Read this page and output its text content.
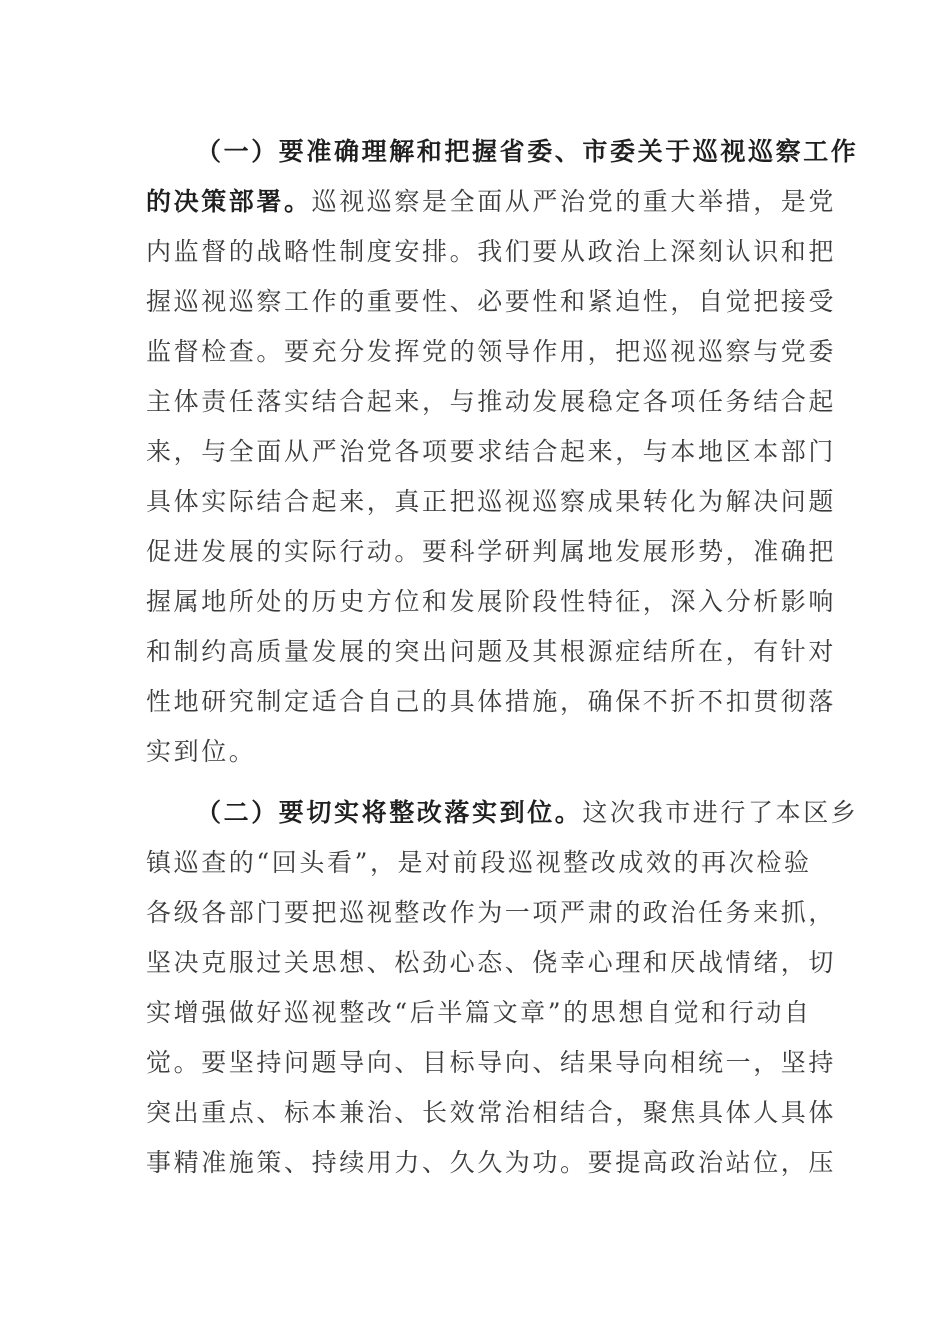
（一）要准确理解和把握省委、市委关于巡视巡察工作
的决策部署。巡视巡察是全面从严治党的重大举措，是党
内监督的战略性制度安排。我们要从政治上深刻认识和把
握巡视巡察工作的重要性、必要性和紧迫性，自觉把接受
监督检查。要充分发挥党的领导作用，把巡视巡察与党委
主体责任落实结合起来，与推动发展稳定各项任务结合起
来，与全面从严治党各项要求结合起来，与本地区本部门
具体实际结合起来，真正把巡视巡察成果转化为解决问题
促进发展的实际行动。要科学研判属地发展形势，准确把
握属地所处的历史方位和发展阶段性特征，深入分析影响
和制约高质量发展的突出问题及其根源症结所在，有针对
性地研究制定适合自己的具体措施，确保不折不扣贯彻落
实到位。
（二）要切实将整改落实到位。这次我市进行了本区乡
镇巡查的“回头看”，是对前段巡视整改成效的再次检验
各级各部门要把巡视整改作为一项严肃的政治任务来抓，
坚决克服过关思想、松劲心态、侥幸心理和厌战情绪，切
实增强做好巡视整改“后半篇文章”的思想自觉和行动自
觉。要坚持问题导向、目标导向、结果导向相统一，坚持
突出重点、标本兼治、长效常治相结合，聚焦具体人具体
事精准施策、持续用力、久久为功。要提高政治站位，压
